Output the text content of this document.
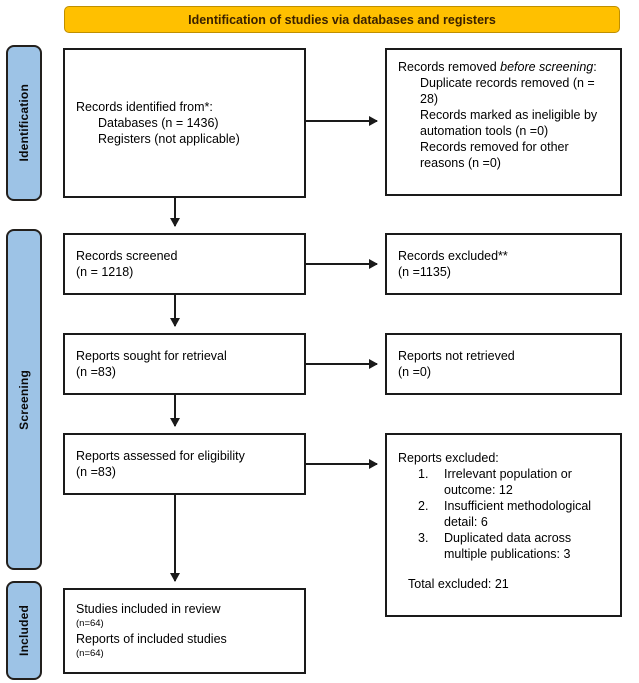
Identification of studies via databases and registers
Identification
Screening
Included
Records identified from*:
Databases (n = 1436)
Registers (not applicable)
Records removed before screening:
Duplicate records removed (n = 28)
Records marked as ineligible by automation tools (n =0)
Records removed for other reasons (n =0)
Records screened
(n = 1218)
Records excluded**
(n =1135)
Reports sought for retrieval
(n =83)
Reports not retrieved
(n =0)
Reports assessed for eligibility
(n =83)
Reports excluded:
1.	Irrelevant population or outcome: 12
2.	Insufficient methodological detail: 6
3.	Duplicated data across multiple publications: 3
Total excluded: 21
Studies included in review
(n=64)
Reports of included studies
(n=64)
